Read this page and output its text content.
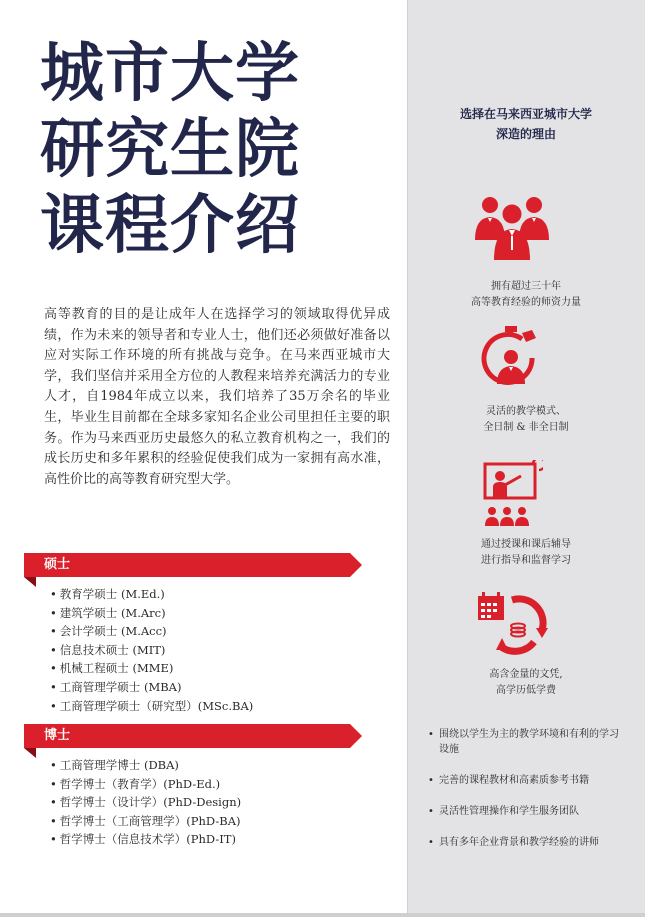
城市大学
研究生院
课程介绍

高等教育的目的是让成年人在选择学习的领域取得优异成绩，作为未来的领导者和专业人士，他们还必须做好准备以应对实际工作环境的所有挑战与竞争。在马来西亚城市大学，我们坚信并采用全方位的人教程来培养充满活力的专业人才，自1984年成立以来，我们培养了35万余名的毕业生，毕业生目前都在全球多家知名企业公司里担任主要的职务。作为马来西亚历史最悠久的私立教育机构之一，我们的成长历史和多年累积的经验促使我们成为一家拥有高水准，高性价比的高等教育研究型大学。

硕士
• 教育学硕士 (M.Ed.)
• 建筑学硕士 (M.Arc)
• 会计学硕士 (M.Acc)
• 信息技术硕士 (MIT)
• 机械工程硕士 (MME)
• 工商管理学硕士 (MBA)
• 工商管理学硕士（研究型）(MSc.BA)
博士
• 工商管理学博士 (DBA)
• 哲学博士（教育学）(PhD-Ed.)
• 哲学博士（设计学）(PhD-Design)
• 哲学博士（工商管理学）(PhD-BA)
• 哲学博士（信息技术学）(PhD-IT)
选择在马来西亚城市大学
深造的理由
拥有超过三十年
高等教育经验的师资力量
灵活的教学模式、
全日制 & 非全日制
通过授课和课后辅导
进行指导和监督学习
高含金量的文凭,
高学历低学费
• 围绕以学生为主的教学环境和有利的学习设施
• 完善的课程教材和高素质参考书籍
• 灵活性管理操作和学生服务团队
• 具有多年企业背景和教学经验的讲师
